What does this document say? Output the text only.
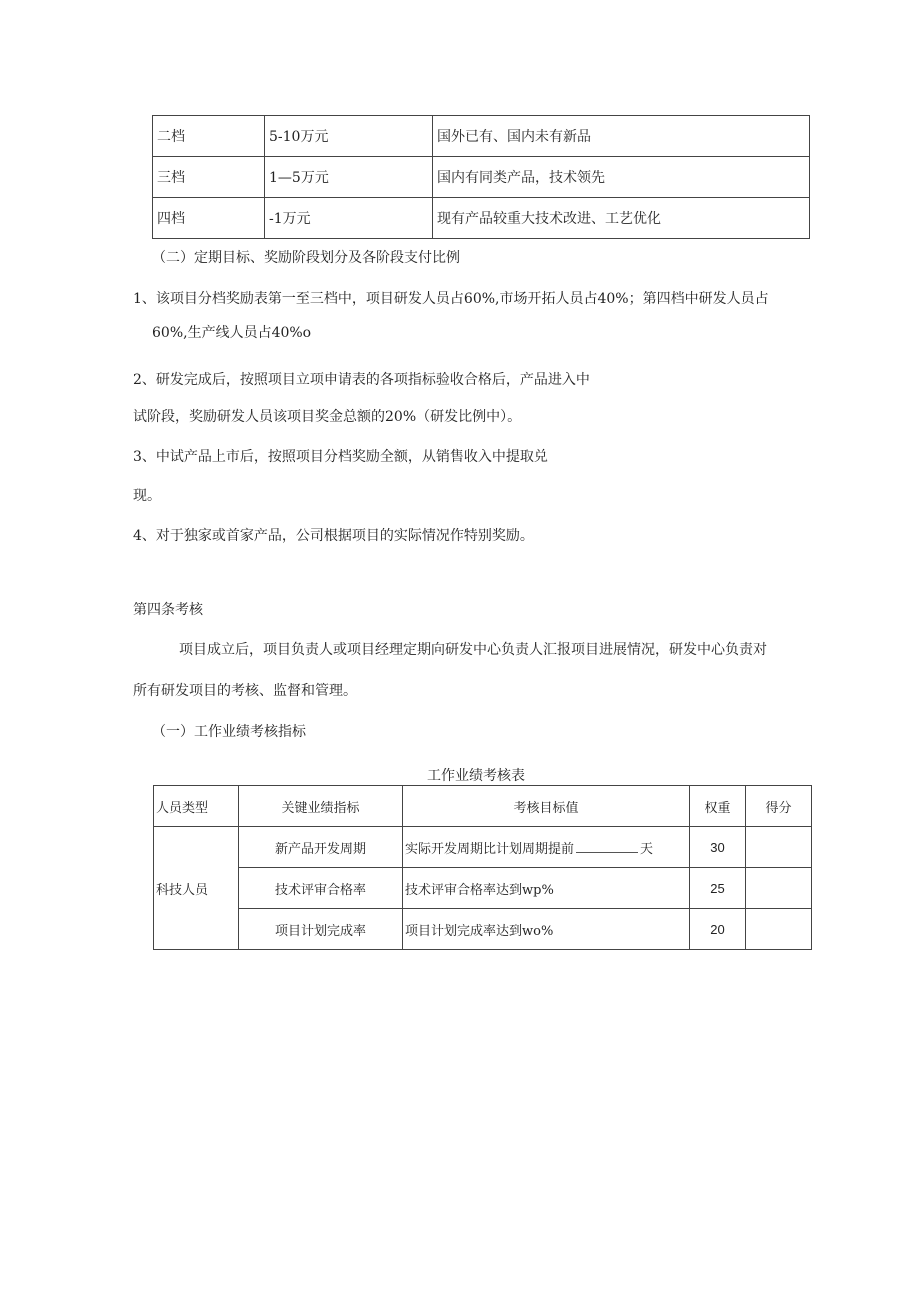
二档	5-10万元	国外已有、国内未有新品
三档	1—5万元	国内有同类产品，技术领先
四档	-1万元	现有产品较重大技术改进、工艺优化
（二）定期目标、奖励阶段划分及各阶段支付比例
1、该项目分档奖励表第一至三档中，项目研发人员占60%,市场开拓人员占40%；第四档中研发人员占
60%,生产线人员占40%o
2、研发完成后，按照项目立项申请表的各项指标验收合格后，产品进入中
试阶段，奖励研发人员该项目奖金总额的20%（研发比例中）。
3、中试产品上市后，按照项目分档奖励全额，从销售收入中提取兑
现。
4、对于独家或首家产品，公司根据项目的实际情况作特别奖励。
第四条考核
项目成立后，项目负责人或项目经理定期向研发中心负责人汇报项目进展情况，研发中心负责对
所有研发项目的考核、监督和管理。
（一）工作业绩考核指标
工作业绩考核表
人员类型	关键业绩指标	考核目标值	权重	得分
科技人员	新产品开发周期	实际开发周期比计划周期提前 天	30	
	技术评审合格率	技术评审合格率达到wp%	25	
	项目计划完成率	项目计划完成率达到wo%	20	
